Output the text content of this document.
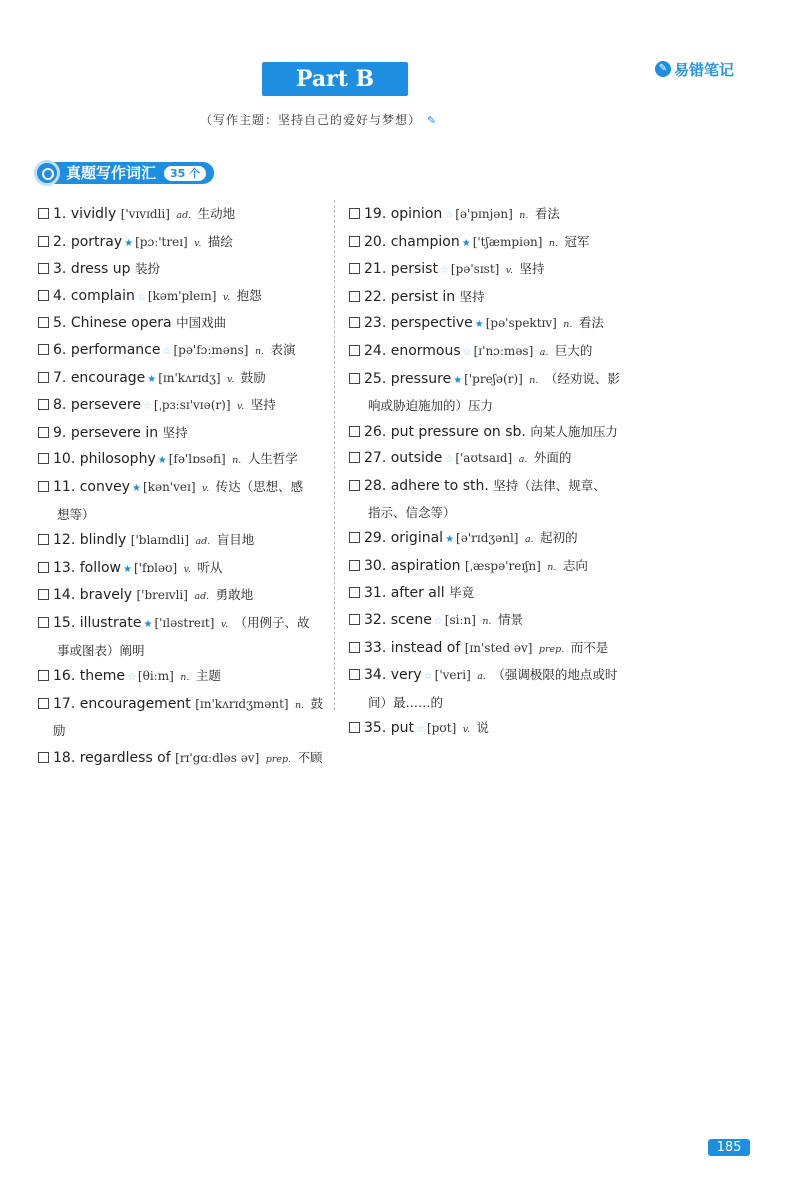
Part B	✎ 易错笔记
（写作主题：坚持自己的爱好与梦想） ✎
真题写作词汇	35 个
1. vividly ['vɪvɪdli] ad. 生动地
2. portray ★ [pɔː'treɪ] v. 描绘
3. dress up 装扮
4. complain ☆ [kəm'pleɪn] v. 抱怨
5. Chinese opera 中国戏曲
6. performance ☆ [pə'fɔːməns] n. 表演
7. encourage ★ [ɪn'kʌrɪdʒ] v. 鼓励
8. persevere ☆ [ˌpɜːsɪ'vɪə(r)] v. 坚持
9. persevere in 坚持
10. philosophy ★ [fə'lɒsəfi] n. 人生哲学
11. convey ★ [kən'veɪ] v. 传达（思想、感
想等）
12. blindly ['blaɪndli] ad. 盲目地
13. follow ★ ['fɒləʊ] v. 听从
14. bravely ['breɪvli] ad. 勇敢地
15. illustrate ★ ['ɪləstreɪt] v. （用例子、故
事或图表）阐明
16. theme ☆ [θiːm] n. 主题
17. encouragement [ɪn'kʌrɪdʒmənt] n. 鼓励
18. regardless of [rɪ'gɑːdləs əv] prep. 不顾
19. opinion ☆ [ə'pɪnjən] n. 看法
20. champion ★ ['tʃæmpiən] n. 冠军
21. persist ☆ [pə'sɪst] v. 坚持
22. persist in 坚持
23. perspective ★ [pə'spektɪv] n. 看法
24. enormous ☆ [ɪ'nɔːməs] a. 巨大的
25. pressure ★ ['preʃə(r)] n. （经劝说、影
响或胁迫施加的）压力
26. put pressure on sb. 向某人施加压力
27. outside ☆ ['aʊtsaɪd] a. 外面的
28. adhere to sth. 坚持（法律、规章、
指示、信念等）
29. original ★ [ə'rɪdʒənl] a. 起初的
30. aspiration [ˌæspə'reɪʃn] n. 志向
31. after all 毕竟
32. scene ☆ [siːn] n. 情景
33. instead of [ɪn'sted əv] prep. 而不是
34. very ☆ ['veri] a. （强调极限的地点或时
间）最……的
35. put ☆ [pʊt] v. 说
185
